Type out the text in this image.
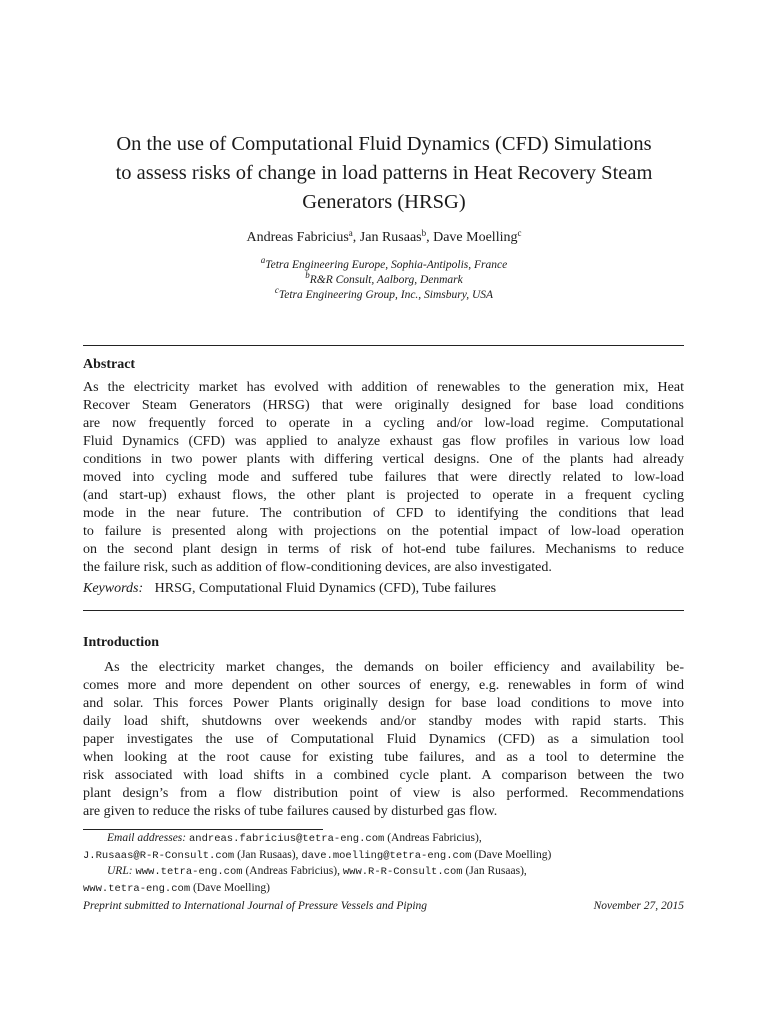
On the use of Computational Fluid Dynamics (CFD) Simulations
to assess risks of change in load patterns in Heat Recovery Steam
Generators (HRSG)
Andreas Fabricius$^a$, Jan Rusaas$^b$, Dave Moelling$^c$
$^a$Tetra Engineering Europe, Sophia-Antipolis, France
$^b$R&R Consult, Aalborg, Denmark
$^c$Tetra Engineering Group, Inc., Simsbury, USA
Abstract
As the electricity market has evolved with addition of renewables to the generation mix, Heat
Recover Steam Generators (HRSG) that were originally designed for base load conditions
are now frequently forced to operate in a cycling and/or low-load regime. Computational
Fluid Dynamics (CFD) was applied to analyze exhaust gas flow profiles in various low load
conditions in two power plants with differing vertical designs. One of the plants had already
moved into cycling mode and suffered tube failures that were directly related to low-load
(and start-up) exhaust flows, the other plant is projected to operate in a frequent cycling
mode in the near future. The contribution of CFD to identifying the conditions that lead
to failure is presented along with projections on the potential impact of low-load operation
on the second plant design in terms of risk of hot-end tube failures. Mechanisms to reduce
the failure risk, such as addition of flow-conditioning devices, are also investigated.
Keywords: HRSG, Computational Fluid Dynamics (CFD), Tube failures
Introduction
As the electricity market changes, the demands on boiler efficiency and availability be-
comes more and more dependent on other sources of energy, e.g. renewables in form of wind
and solar. This forces Power Plants originally design for base load conditions to move into
daily load shift, shutdowns over weekends and/or standby modes with rapid starts. This
paper investigates the use of Computational Fluid Dynamics (CFD) as a simulation tool
when looking at the root cause for existing tube failures, and as a tool to determine the
risk associated with load shifts in a combined cycle plant. A comparison between the two
plant design’s from a flow distribution point of view is also performed. Recommendations
are given to reduce the risks of tube failures caused by disturbed gas flow.
Email addresses: andreas.fabricius@tetra-eng.com (Andreas Fabricius),
J.Rusaas@R-R-Consult.com (Jan Rusaas), dave.moelling@tetra-eng.com (Dave Moelling)
URL: www.tetra-eng.com (Andreas Fabricius), www.R-R-Consult.com (Jan Rusaas),
www.tetra-eng.com (Dave Moelling)
Preprint submitted to International Journal of Pressure Vessels and Piping	November 27, 2015
